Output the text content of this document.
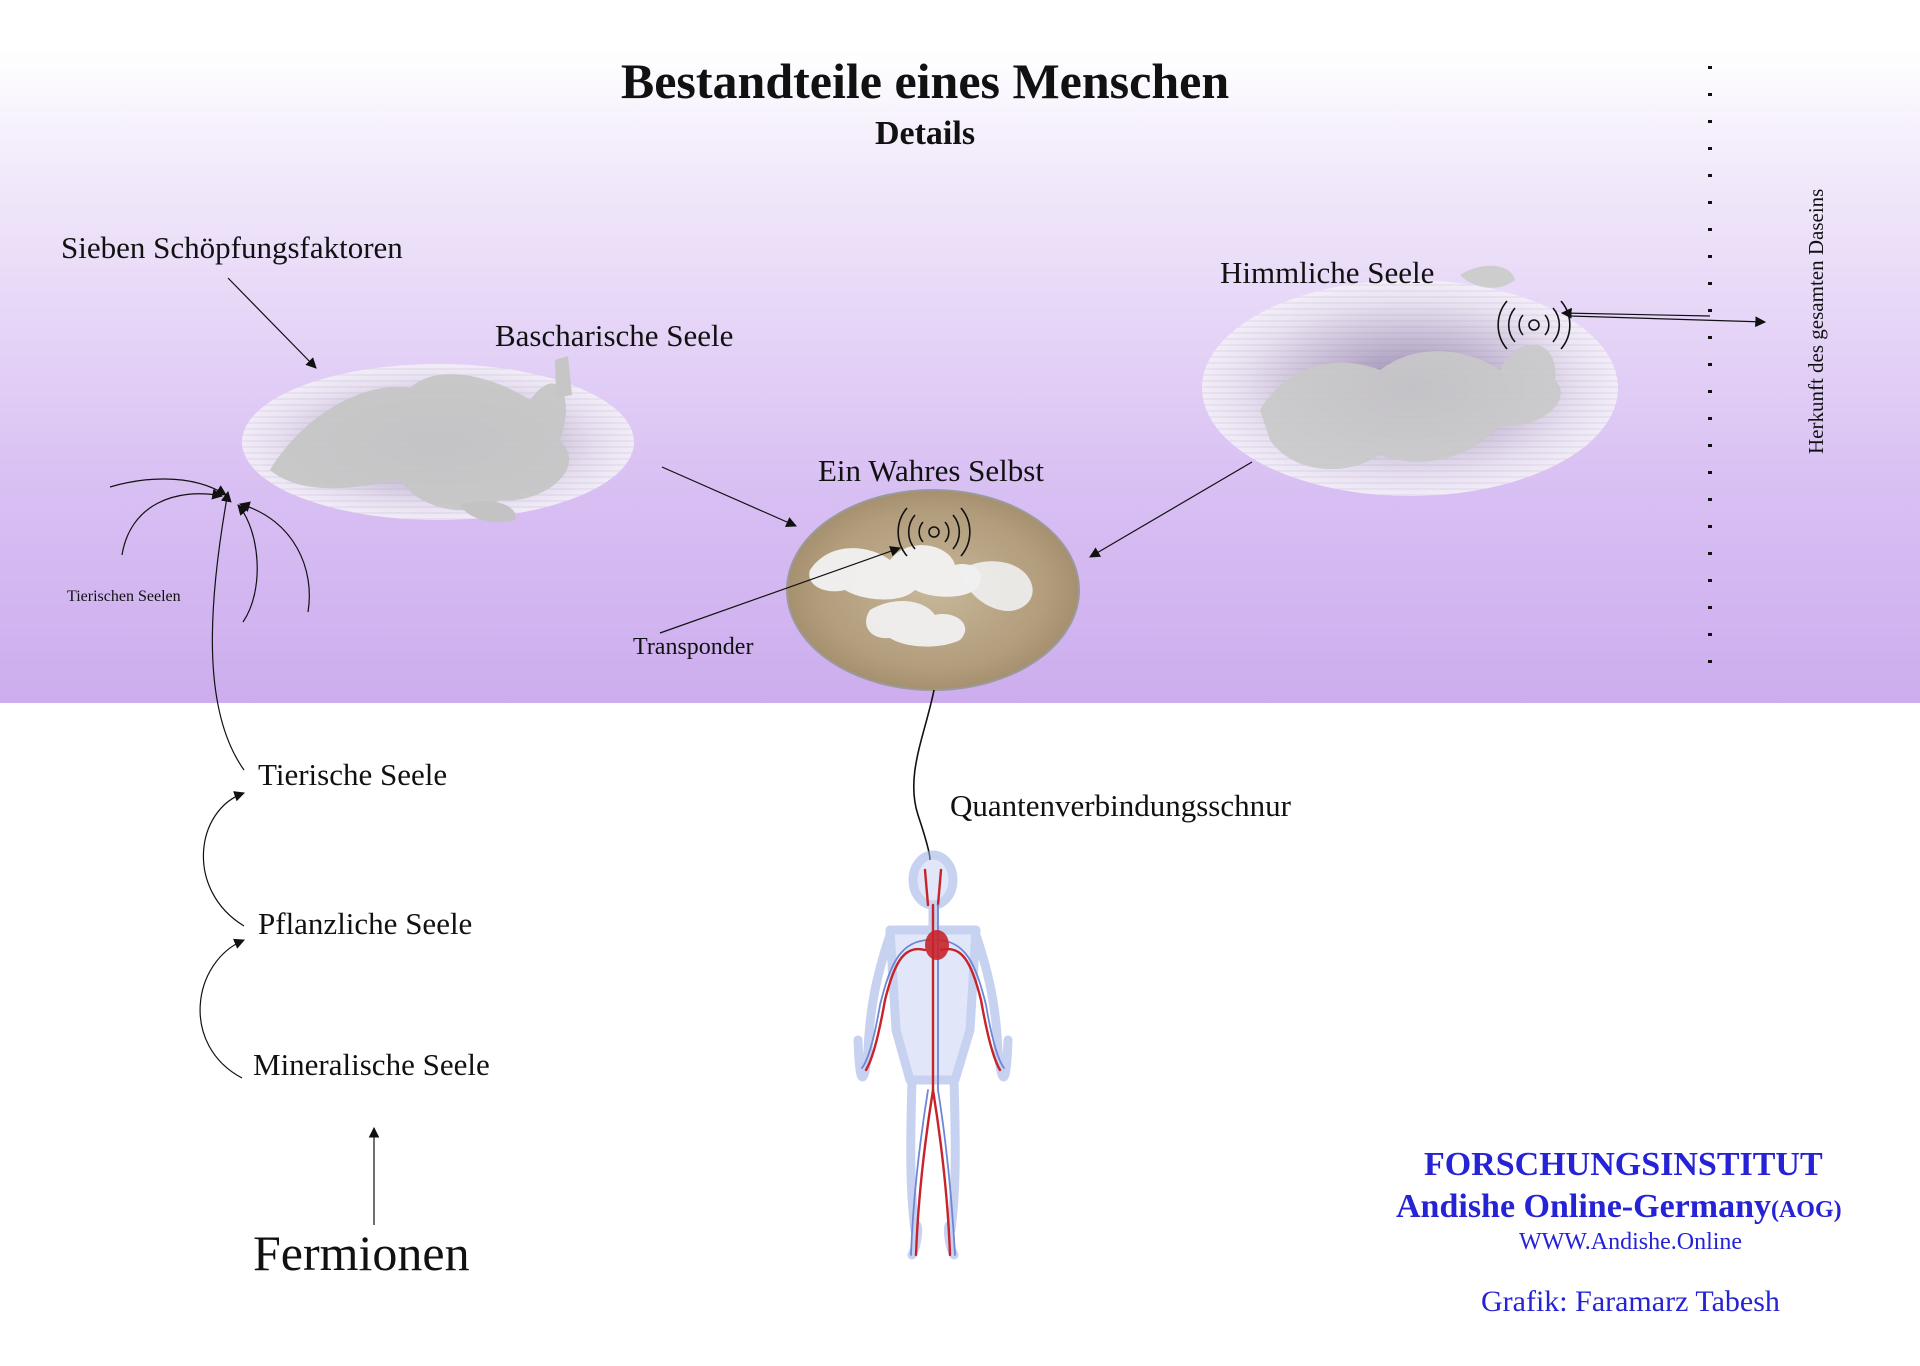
Bestandteile eines Menschen
Details
Sieben Schöpfungsfaktoren
Bascharische Seele
Himmliche Seele
Ein Wahres Selbst
Tierischen Seelen
Transponder
Herkunft des gesamten Daseins
Tierische Seele
Pflanzliche Seele
Mineralische Seele
Fermionen
Quantenverbindungsschnur
FORSCHUNGSINSTITUT
Andishe Online-Germany(AOG)
WWW.Andishe.Online
Grafik: Faramarz Tabesh
